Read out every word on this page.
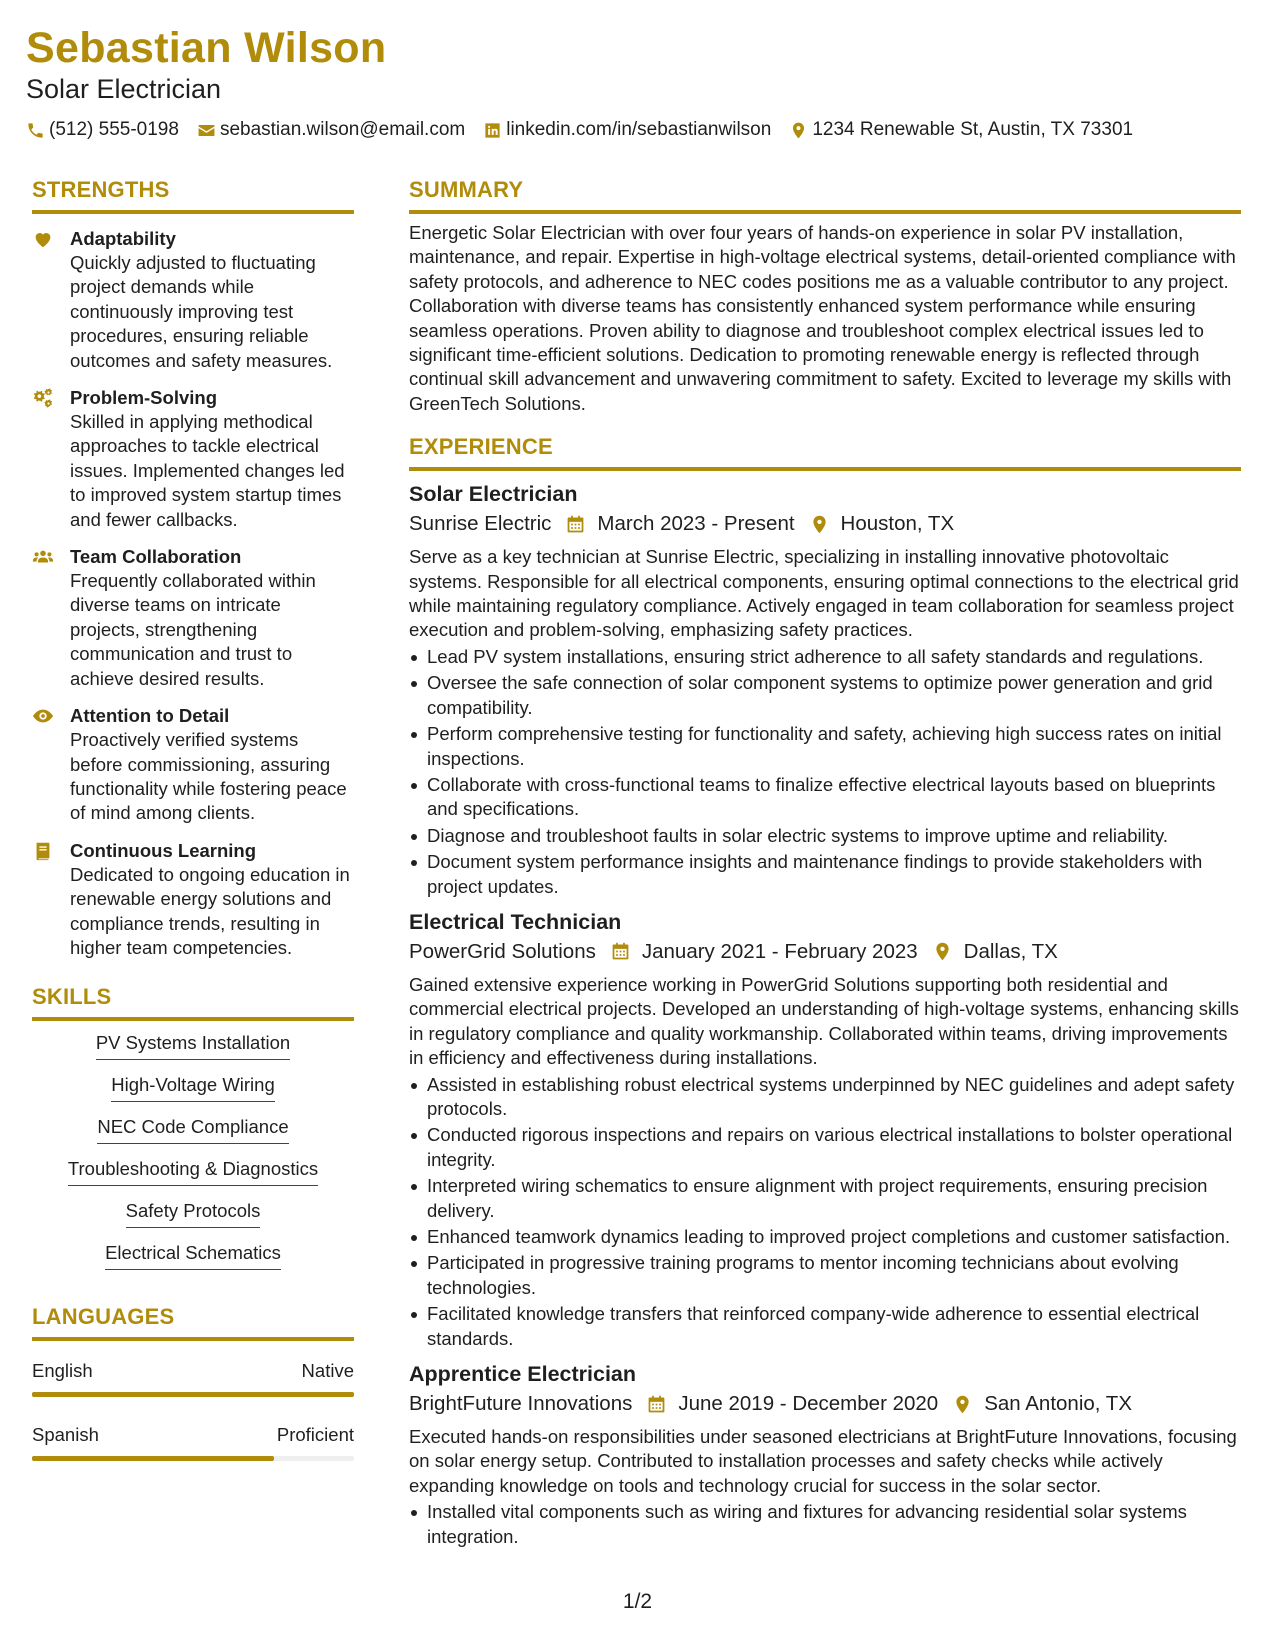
Sebastian Wilson
Solar Electrician
(512) 555-0198 sebastian.wilson@email.com linkedin.com/in/sebastianwilson 1234 Renewable St, Austin, TX 73301
STRENGTHS
Adaptability
Quickly adjusted to fluctuating project demands while continuously improving test procedures, ensuring reliable outcomes and safety measures.
Problem-Solving
Skilled in applying methodical approaches to tackle electrical issues. Implemented changes led to improved system startup times and fewer callbacks.
Team Collaboration
Frequently collaborated within diverse teams on intricate projects, strengthening communication and trust to achieve desired results.
Attention to Detail
Proactively verified systems before commissioning, assuring functionality while fostering peace of mind among clients.
Continuous Learning
Dedicated to ongoing education in renewable energy solutions and compliance trends, resulting in higher team competencies.
SKILLS
PV Systems Installation
High-Voltage Wiring
NEC Code Compliance
Troubleshooting & Diagnostics
Safety Protocols
Electrical Schematics
LANGUAGES
English	Native
Spanish	Proficient
SUMMARY
Energetic Solar Electrician with over four years of hands-on experience in solar PV installation, maintenance, and repair. Expertise in high-voltage electrical systems, detail-oriented compliance with safety protocols, and adherence to NEC codes positions me as a valuable contributor to any project. Collaboration with diverse teams has consistently enhanced system performance while ensuring seamless operations. Proven ability to diagnose and troubleshoot complex electrical issues led to significant time-efficient solutions. Dedication to promoting renewable energy is reflected through continual skill advancement and unwavering commitment to safety. Excited to leverage my skills with GreenTech Solutions.
EXPERIENCE
Solar Electrician
Sunrise Electric March 2023 - Present Houston, TX
Serve as a key technician at Sunrise Electric, specializing in installing innovative photovoltaic systems. Responsible for all electrical components, ensuring optimal connections to the electrical grid while maintaining regulatory compliance. Actively engaged in team collaboration for seamless project execution and problem-solving, emphasizing safety practices.
Lead PV system installations, ensuring strict adherence to all safety standards and regulations.
Oversee the safe connection of solar component systems to optimize power generation and grid compatibility.
Perform comprehensive testing for functionality and safety, achieving high success rates on initial inspections.
Collaborate with cross-functional teams to finalize effective electrical layouts based on blueprints and specifications.
Diagnose and troubleshoot faults in solar electric systems to improve uptime and reliability.
Document system performance insights and maintenance findings to provide stakeholders with project updates.
Electrical Technician
PowerGrid Solutions January 2021 - February 2023 Dallas, TX
Gained extensive experience working in PowerGrid Solutions supporting both residential and commercial electrical projects. Developed an understanding of high-voltage systems, enhancing skills in regulatory compliance and quality workmanship. Collaborated within teams, driving improvements in efficiency and effectiveness during installations.
Assisted in establishing robust electrical systems underpinned by NEC guidelines and adept safety protocols.
Conducted rigorous inspections and repairs on various electrical installations to bolster operational integrity.
Interpreted wiring schematics to ensure alignment with project requirements, ensuring precision delivery.
Enhanced teamwork dynamics leading to improved project completions and customer satisfaction.
Participated in progressive training programs to mentor incoming technicians about evolving technologies.
Facilitated knowledge transfers that reinforced company-wide adherence to essential electrical standards.
Apprentice Electrician
BrightFuture Innovations June 2019 - December 2020 San Antonio, TX
Executed hands-on responsibilities under seasoned electricians at BrightFuture Innovations, focusing on solar energy setup. Contributed to installation processes and safety checks while actively expanding knowledge on tools and technology crucial for success in the solar sector.
Installed vital components such as wiring and fixtures for advancing residential solar systems integration.
1/2
